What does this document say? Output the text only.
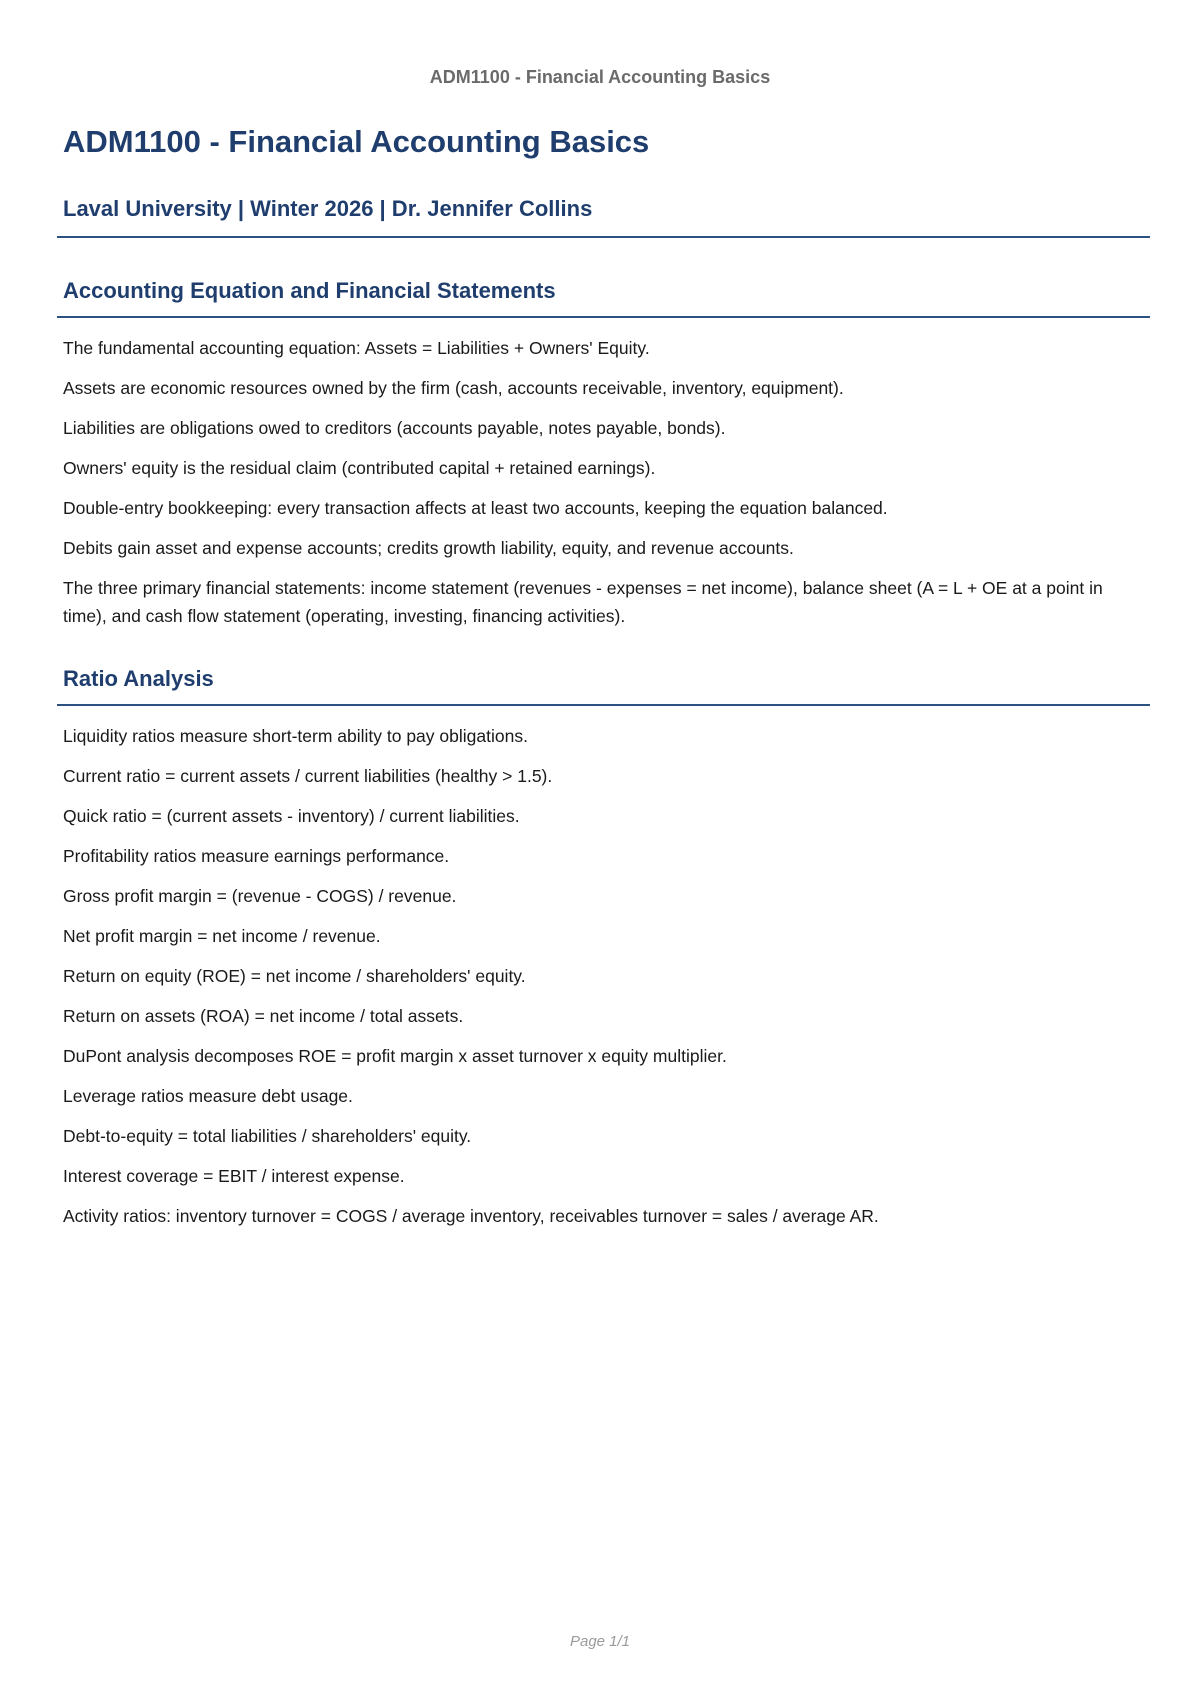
ADM1100 - Financial Accounting Basics
ADM1100 - Financial Accounting Basics
Laval University | Winter 2026 | Dr. Jennifer Collins
Accounting Equation and Financial Statements
The fundamental accounting equation: Assets = Liabilities + Owners' Equity.
Assets are economic resources owned by the firm (cash, accounts receivable, inventory, equipment).
Liabilities are obligations owed to creditors (accounts payable, notes payable, bonds).
Owners' equity is the residual claim (contributed capital + retained earnings).
Double-entry bookkeeping: every transaction affects at least two accounts, keeping the equation balanced.
Debits gain asset and expense accounts; credits growth liability, equity, and revenue accounts.
The three primary financial statements: income statement (revenues - expenses = net income), balance sheet (A = L + OE at a point in time), and cash flow statement (operating, investing, financing activities).
Ratio Analysis
Liquidity ratios measure short-term ability to pay obligations.
Current ratio = current assets / current liabilities (healthy > 1.5).
Quick ratio = (current assets - inventory) / current liabilities.
Profitability ratios measure earnings performance.
Gross profit margin = (revenue - COGS) / revenue.
Net profit margin = net income / revenue.
Return on equity (ROE) = net income / shareholders' equity.
Return on assets (ROA) = net income / total assets.
DuPont analysis decomposes ROE = profit margin x asset turnover x equity multiplier.
Leverage ratios measure debt usage.
Debt-to-equity = total liabilities / shareholders' equity.
Interest coverage = EBIT / interest expense.
Activity ratios: inventory turnover = COGS / average inventory, receivables turnover = sales / average AR.
Page 1/1
